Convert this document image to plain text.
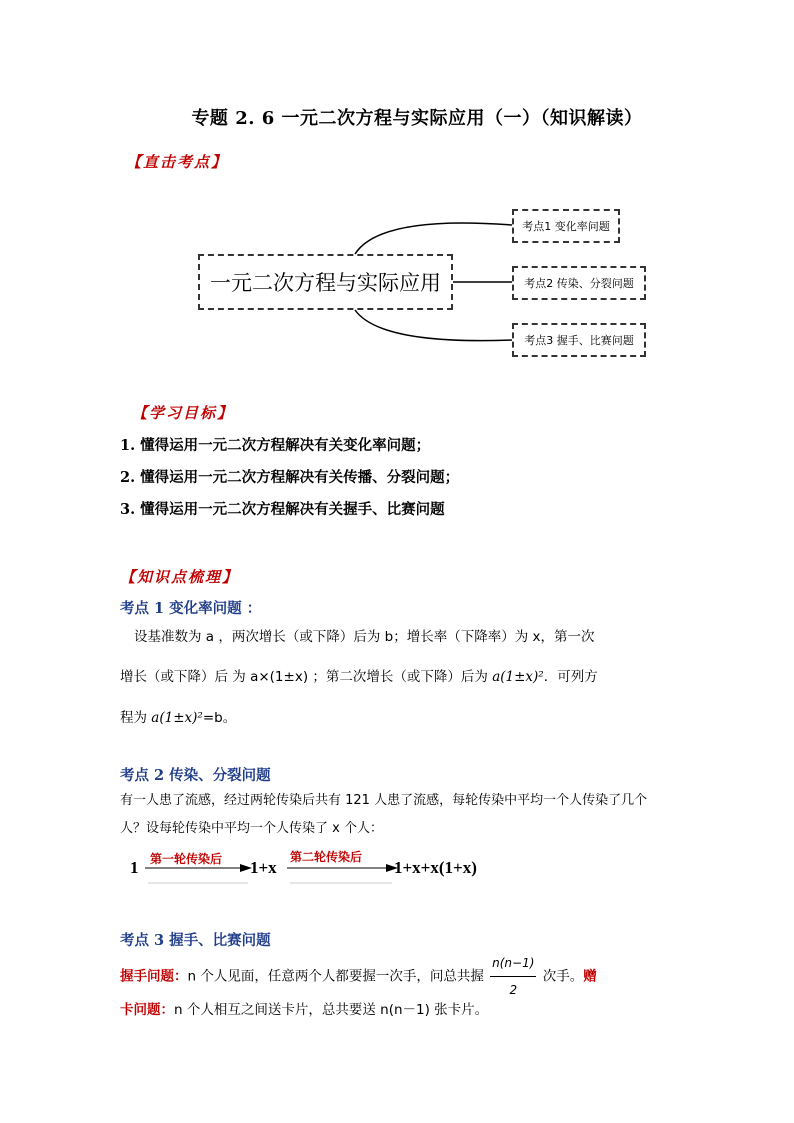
专题 2. 6 一元二次方程与实际应用（一）（知识解读）
【直击考点】
一元二次方程与实际应用
考点1 变化率问题
考点2 传染、分裂问题
考点3 握手、比赛问题
【学习目标】
1. 懂得运用一元二次方程解决有关变化率问题；
2. 懂得运用一元二次方程解决有关传播、分裂问题；
3. 懂得运用一元二次方程解决有关握手、比赛问题
【知识点梳理】
考点 1 变化率问题 ：
设基准数为 a ，两次增长（或下降）后为 b；增长率（下降率）为 x，第一次
增长（或下降）后 为 a×(1±x) ；第二次增长（或下降）后为 a(1±x)²．可列方
程为 a(1±x)²=b。
考点 2 传染、分裂问题
有一人患了流感，经过两轮传染后共有 121 人患了流感，每轮传染中平均一个人传染了几个
人？设每轮传染中平均一个人传染了 x 个人：
1 第一轮传染后 1+x
第二轮传染后
1+x+x(1+x)
考点 3 握手、比赛问题
握手问题：n 个人见面，任意两个人都要握一次手，问总共握 $\frac{n(n-1)}{2}$ 次手。赠
卡问题：n 个人相互之间送卡片，总共要送 n(n－1) 张卡片。
